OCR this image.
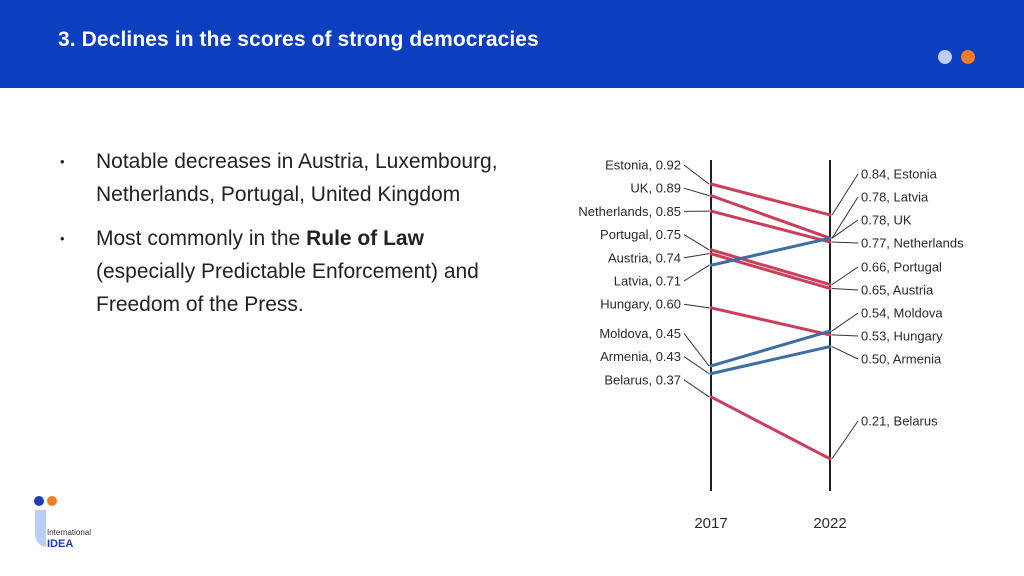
3. Declines in the scores of strong democracies
• Notable decreases in Austria, Luxembourg, Netherlands, Portugal, United Kingdom
• Most commonly in the Rule of Law (especially Predictable Enforcement) and Freedom of the Press.
Estonia, 0.92
UK, 0.89
Netherlands, 0.85
Portugal, 0.75
Austria, 0.74
Latvia, 0.71
Hungary, 0.60
Moldova, 0.45
Armenia, 0.43
Belarus, 0.37
0.84, Estonia
0.78, Latvia
0.78, UK
0.77, Netherlands
0.66, Portugal
0.65, Austria
0.54, Moldova
0.53, Hungary
0.50, Armenia
0.21, Belarus
2017	2022
International
IDEA
